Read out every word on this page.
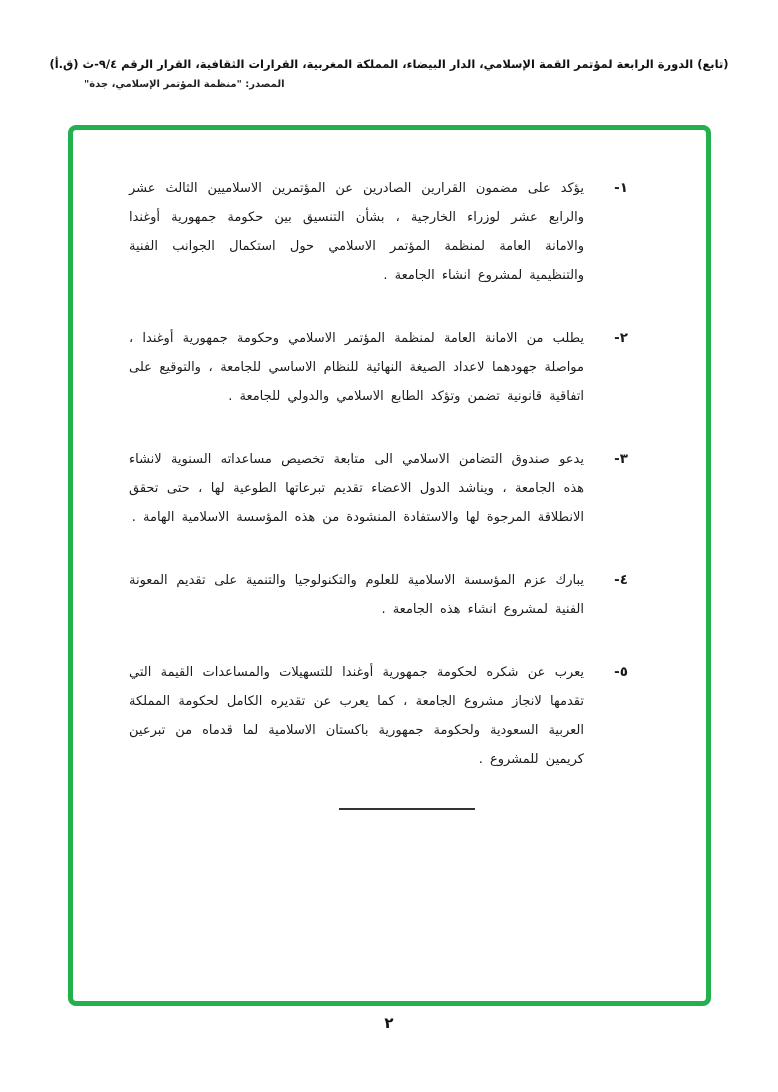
(تابع) الدورة الرابعة لمؤتمر القمة الإسلامي، الدار البيضاء، المملكة المغربية، القرارات الثقافية، القرار الرقم ٩/٤-ث (ق.أ)
المصدر: "منظمة المؤتمر الإسلامي، جدة"
١-
يؤكد على مضمون القرارين الصادرين عن المؤتمرين الاسلاميين الثالث عشر والرابع عشر لوزراء الخارجية ، بشأن التنسيق بين حكومة جمهورية أوغندا والامانة العامة لمنظمة المؤتمر الاسلامي حول استكمال الجوانب الفنية والتنظيمية لمشروع انشاء الجامعة .
٢-
يطلب من الامانة العامة لمنظمة المؤتمر الاسلامي وحكومة جمهورية أوغندا ، مواصلة جهودهما لاعداد الصيغة النهائية للنظام الاساسي للجامعة ، والتوقيع على اتفاقية قانونية تضمن وتؤكد الطابع الاسلامي والدولي للجامعة .
٣-
يدعو صندوق التضامن الاسلامي الى متابعة تخصيص مساعداته السنوية لانشاء هذه الجامعة ، ويناشد الدول الاعضاء تقديم تبرعاتها الطوعية لها ، حتى تحقق الانطلاقة المرجوة لها والاستفادة المنشودة من هذه المؤسسة الاسلامية الهامة .
٤-
يبارك عزم المؤسسة الاسلامية للعلوم والتكنولوجيا والتنمية على تقديم المعونة الفنية لمشروع انشاء هذه الجامعة .
٥-
يعرب عن شكره لحكومة جمهورية أوغندا للتسهيلات والمساعدات القيمة التي تقدمها لانجاز مشروع الجامعة ، كما يعرب عن تقديره الكامل لحكومة المملكة العربية السعودية ولحكومة جمهورية باكستان الاسلامية لما قدماه من تبرعين كريمين للمشروع .
٢
